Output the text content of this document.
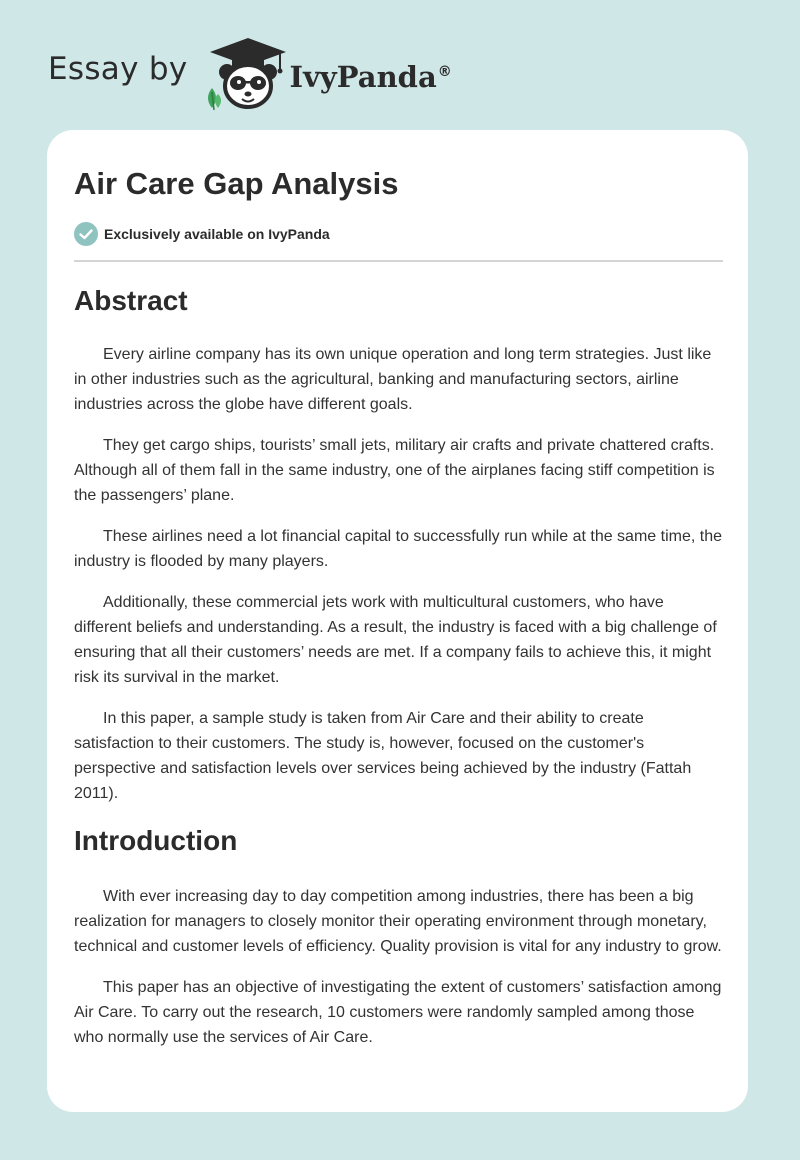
Essay by	IvyPanda®
Air Care Gap Analysis
Exclusively available on IvyPanda
Abstract

Every airline company has its own unique operation and long term strategies. Just like in other industries such as the agricultural, banking and manufacturing sectors, airline industries across the globe have different goals.

They get cargo ships, tourists’ small jets, military air crafts and private chattered crafts. Although all of them fall in the same industry, one of the airplanes facing stiff competition is the passengers’ plane.

These airlines need a lot financial capital to successfully run while at the same time, the industry is flooded by many players.

Additionally, these commercial jets work with multicultural customers, who have different beliefs and understanding. As a result, the industry is faced with a big challenge of ensuring that all their customers’ needs are met. If a company fails to achieve this, it might risk its survival in the market.

In this paper, a sample study is taken from Air Care and their ability to create satisfaction to their customers. The study is, however, focused on the customer's perspective and satisfaction levels over services being achieved by the industry (Fattah 2011).

Introduction

With ever increasing day to day competition among industries, there has been a big realization for managers to closely monitor their operating environment through monetary, technical and customer levels of efficiency. Quality provision is vital for any industry to grow.

This paper has an objective of investigating the extent of customers’ satisfaction among Air Care. To carry out the research, 10 customers were randomly sampled among those who normally use the services of Air Care.
